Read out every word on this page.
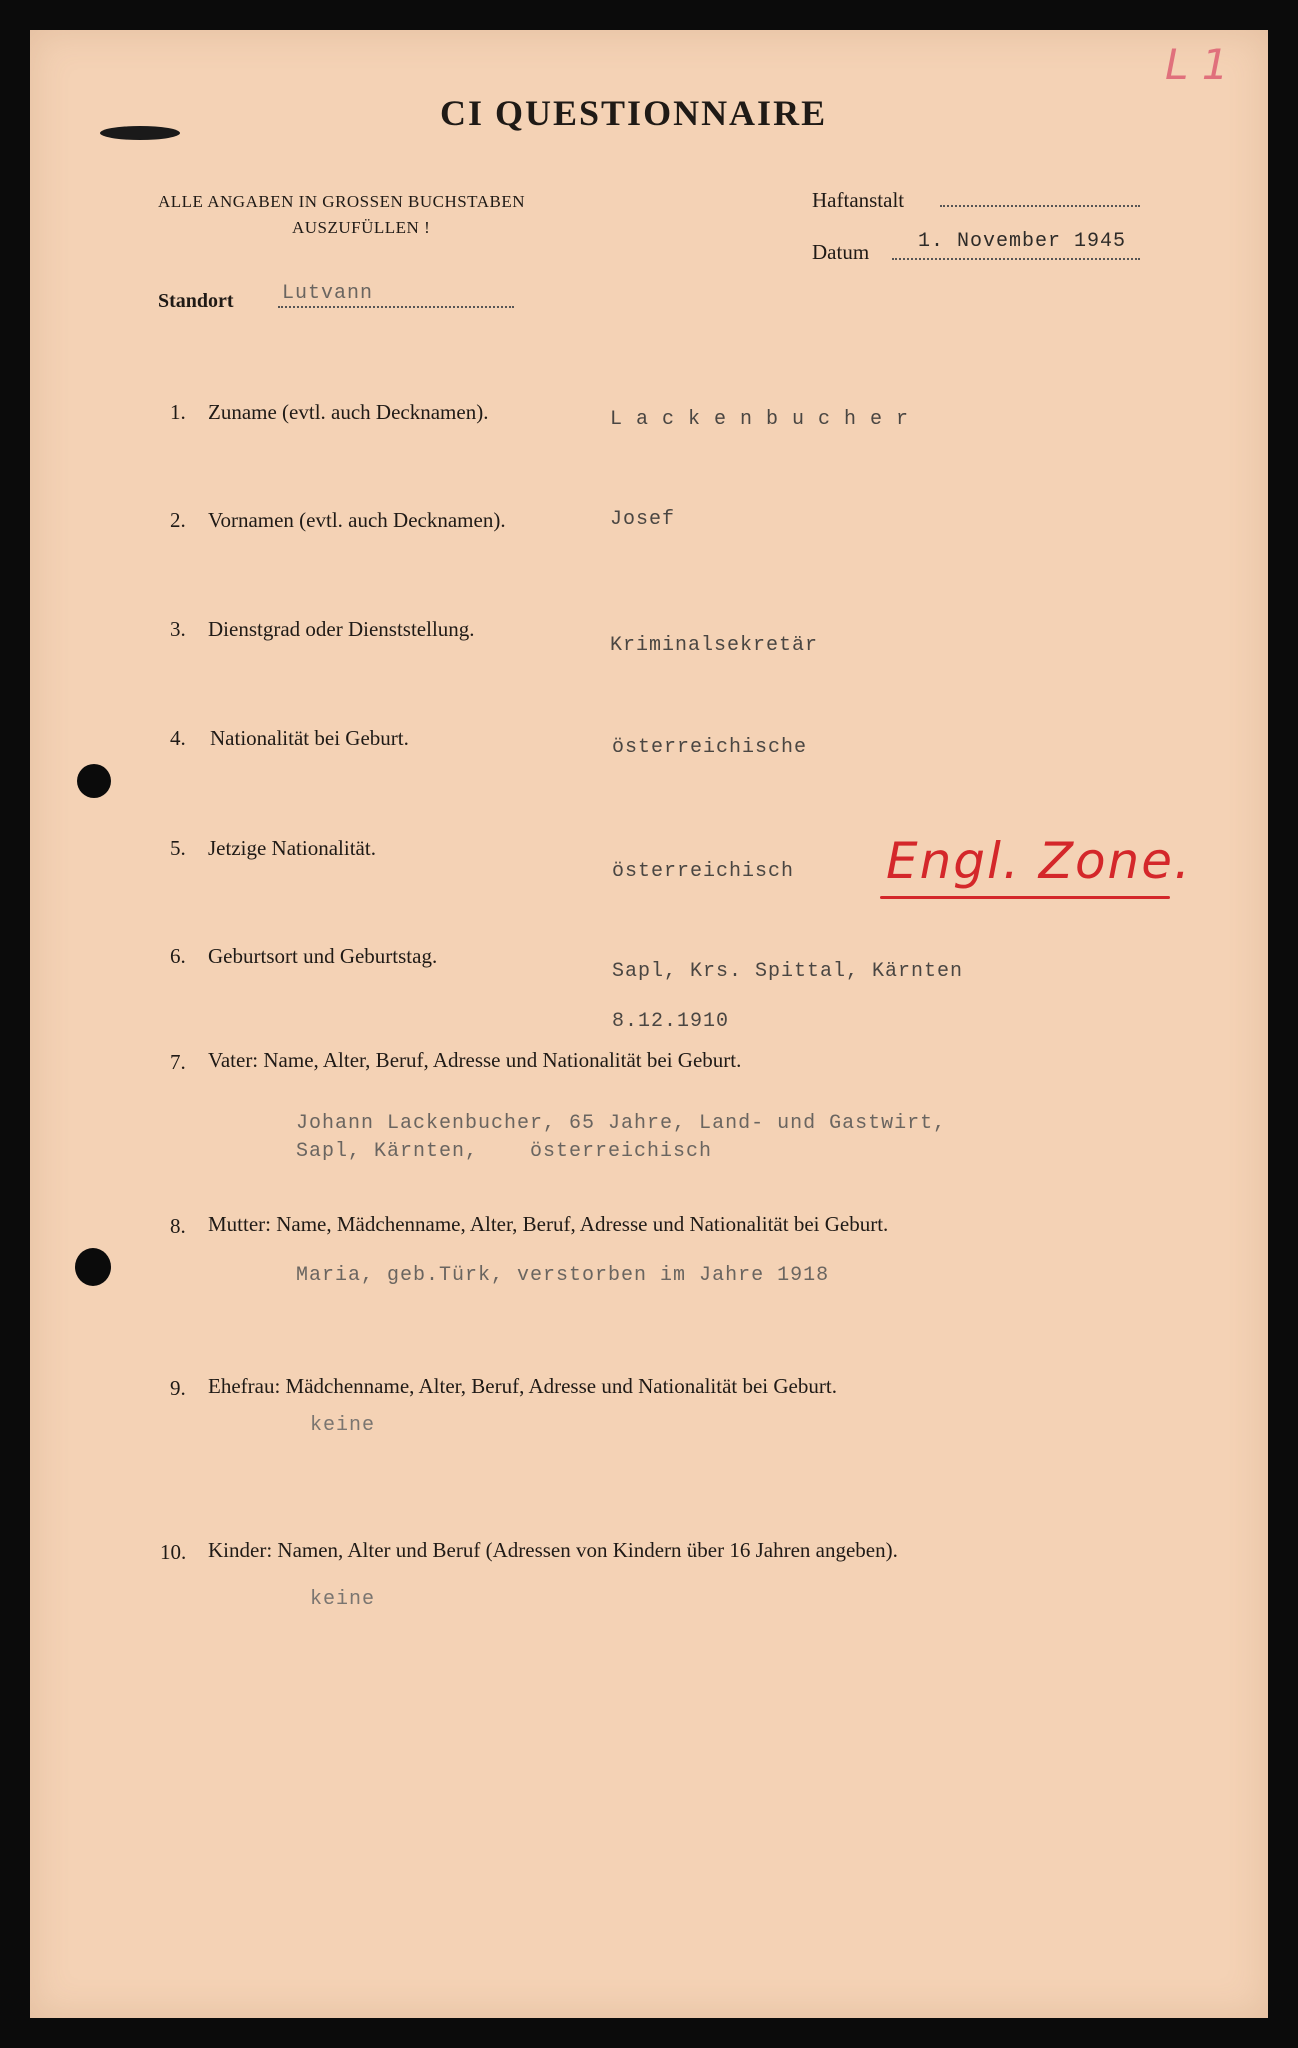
L 1
CI QUESTIONNAIRE
ALLE ANGABEN IN GROSSEN BUCHSTABEN
AUSZUFÜLLEN !
Haftanstalt
Datum 1. November 1945
Standort Lutvann
1. Zuname (evtl. auch Decknamen).	L a c k e n b u c h e r
2. Vornamen (evtl. auch Decknamen).	Josef
3. Dienstgrad oder Dienststellung.
Kriminalsekretär
4. Nationalität bei Geburt.	österreichische
5. Jetzige Nationalität.
österreichisch Engl. Zone.
6. Geburtsort und Geburtstag.
Sapl, Krs. Spittal, Kärnten
8.12.1910
7. Vater: Name, Alter, Beruf, Adresse und Nationalität bei Geburt.
Johann Lackenbucher, 65 Jahre, Land- und Gastwirt,
Sapl, Kärnten,    österreichisch
8. Mutter: Name, Mädchenname, Alter, Beruf, Adresse und Nationalität bei Geburt.
Maria, geb.Türk, verstorben im Jahre 1918
9. Ehefrau: Mädchenname, Alter, Beruf, Adresse und Nationalität bei Geburt.
keine
10. Kinder: Namen, Alter und Beruf (Adressen von Kindern über 16 Jahren angeben).
keine
